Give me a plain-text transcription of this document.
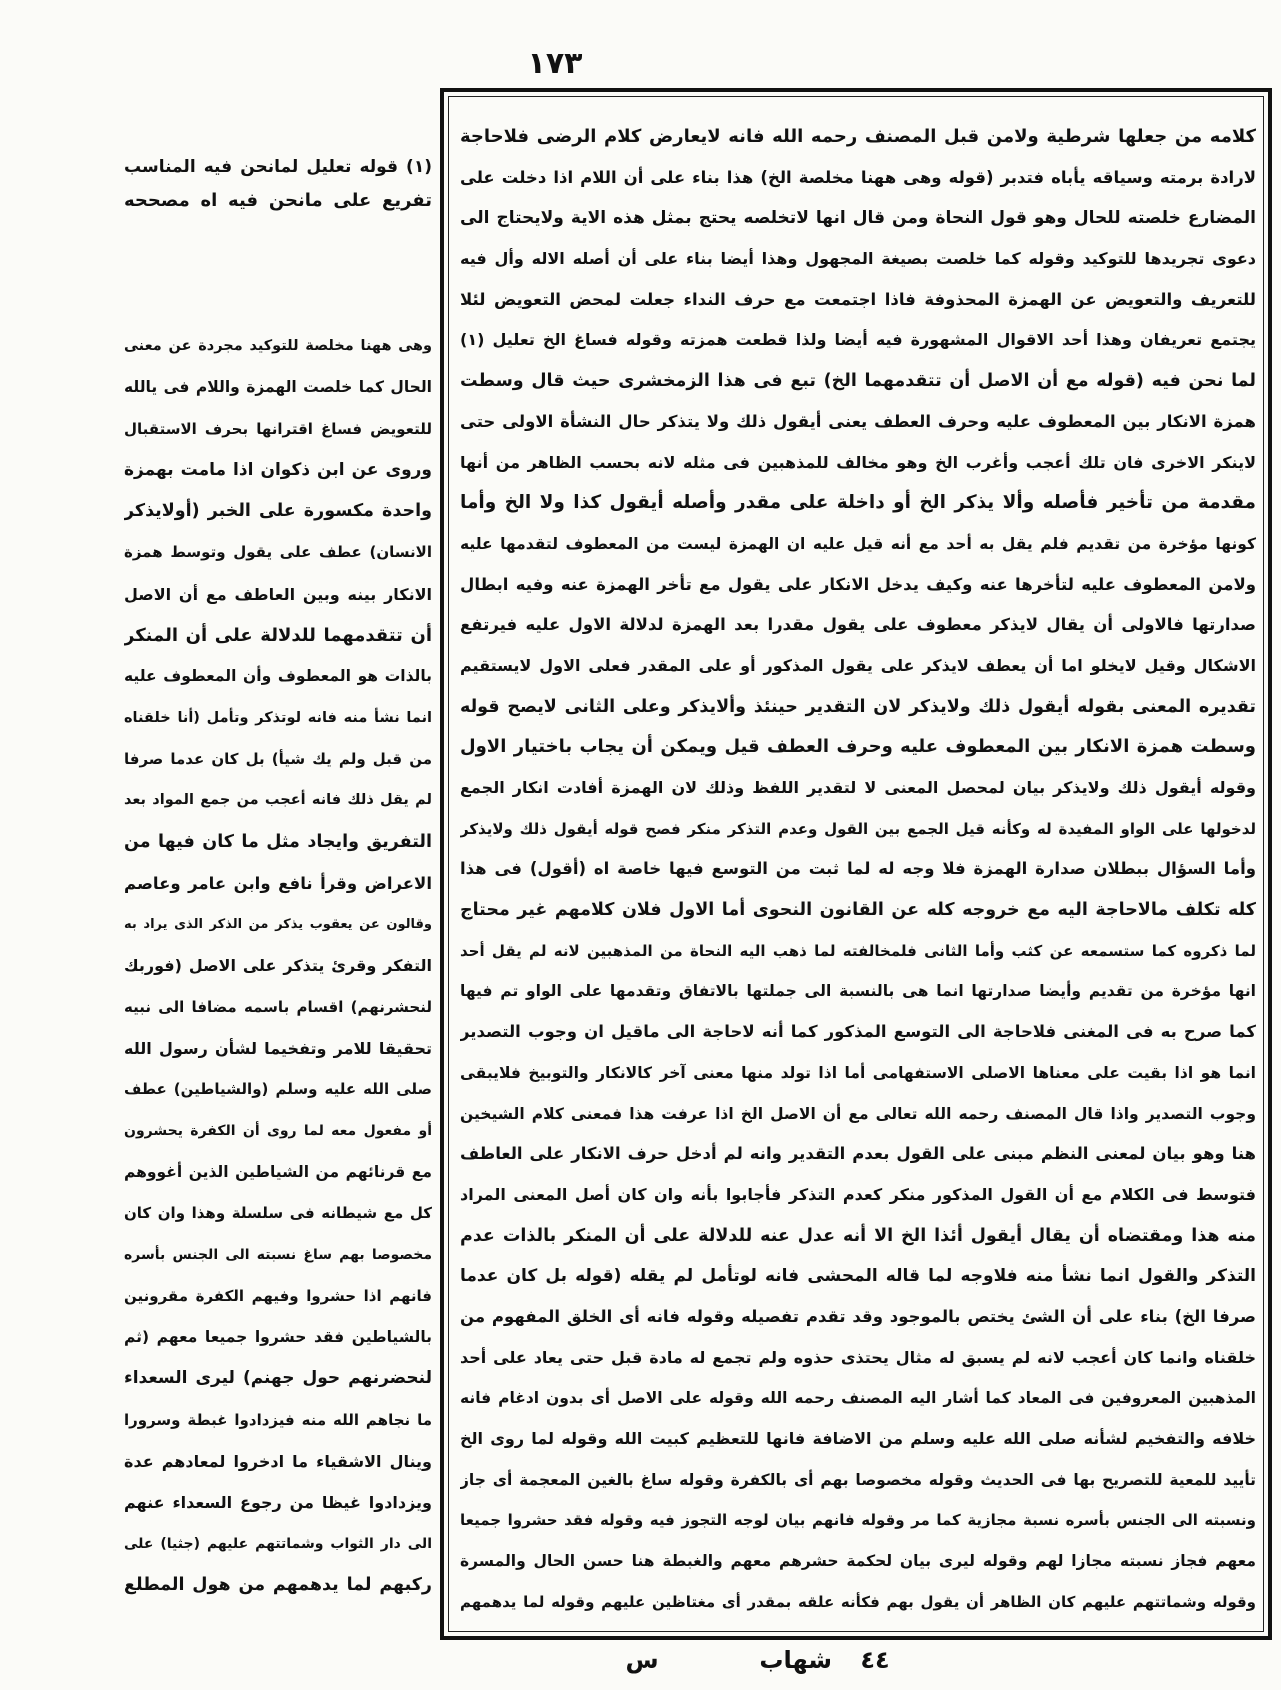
١٧٣
كلامه من جعلها شرطية ولامن قبل المصنف رحمه الله فانه لايعارض كلام الرضى فلاحاجة
لارادة برمته وسياقه يأباه فتدبر (قوله وهى ههنا مخلصة الخ) هذا بناء على أن اللام اذا دخلت على
المضارع خلصته للحال وهو قول النحاة ومن قال انها لاتخلصه يحتج بمثل هذه الاية ولايحتاج الى
دعوى تجريدها للتوكيد وقوله كما خلصت بصيغة المجهول وهذا أيضا بناء على أن أصله الاله وأل فيه
للتعريف والتعويض عن الهمزة المحذوفة فاذا اجتمعت مع حرف النداء جعلت لمحض التعويض لئلا
يجتمع تعريفان وهذا أحد الاقوال المشهورة فيه أيضا ولذا قطعت همزته وقوله فساغ الخ تعليل (١)
لما نحن فيه (قوله مع أن الاصل أن تتقدمهما الخ) تبع فى هذا الزمخشرى حيث قال وسطت
همزة الانكار بين المعطوف عليه وحرف العطف يعنى أيقول ذلك ولا يتذكر حال النشأة الاولى حتى
لاينكر الاخرى فان تلك أعجب وأغرب الخ وهو مخالف للمذهبين فى مثله لانه بحسب الظاهر من أنها
مقدمة من تأخير فأصله وألا يذكر الخ أو داخلة على مقدر وأصله أيقول كذا ولا الخ وأما
كونها مؤخرة من تقديم فلم يقل به أحد مع أنه قيل عليه ان الهمزة ليست من المعطوف لتقدمها عليه
ولامن المعطوف عليه لتأخرها عنه وكيف يدخل الانكار على يقول مع تأخر الهمزة عنه وفيه ابطال
صدارتها فالاولى أن يقال لايذكر معطوف على يقول مقدرا بعد الهمزة لدلالة الاول عليه فيرتفع
الاشكال وقيل لايخلو اما أن يعطف لايذكر على يقول المذكور أو على المقدر فعلى الاول لايستقيم
تقديره المعنى بقوله أيقول ذلك ولايذكر لان التقدير حينئذ وألايذكر وعلى الثانى لايصح قوله
وسطت همزة الانكار بين المعطوف عليه وحرف العطف قيل ويمكن أن يجاب باختيار الاول
وقوله أيقول ذلك ولايذكر بيان لمحصل المعنى لا لتقدير اللفظ وذلك لان الهمزة أفادت انكار الجمع
لدخولها على الواو المفيدة له وكأنه قيل الجمع بين القول وعدم التذكر منكر فصح قوله أيقول ذلك ولايذكر
وأما السؤال ببطلان صدارة الهمزة فلا وجه له لما ثبت من التوسع فيها خاصة اه (أقول) فى هذا
كله تكلف مالاحاجة اليه مع خروجه كله عن القانون النحوى أما الاول فلان كلامهم غير محتاج
لما ذكروه كما ستسمعه عن كثب وأما الثانى فلمخالفته لما ذهب اليه النحاة من المذهبين لانه لم يقل أحد
انها مؤخرة من تقديم وأيضا صدارتها انما هى بالنسبة الى جملتها بالاتفاق وتقدمها على الواو تم فيها
كما صرح به فى المغنى فلاحاجة الى التوسع المذكور كما أنه لاحاجة الى ماقيل ان وجوب التصدير
انما هو اذا بقيت على معناها الاصلى الاستفهامى أما اذا تولد منها معنى آخر كالانكار والتوبيخ فلايبقى
وجوب التصدير واذا قال المصنف رحمه الله تعالى مع أن الاصل الخ اذا عرفت هذا فمعنى كلام الشيخين
هنا وهو بيان لمعنى النظم مبنى على القول بعدم التقدير وانه لم أدخل حرف الانكار على العاطف
فتوسط فى الكلام مع أن القول المذكور منكر كعدم التذكر فأجابوا بأنه وان كان أصل المعنى المراد
منه هذا ومقتضاه أن يقال أيقول أئذا الخ الا أنه عدل عنه للدلالة على أن المنكر بالذات عدم
التذكر والقول انما نشأ منه فلاوجه لما قاله المحشى فانه لوتأمل لم يقله (قوله بل كان عدما
صرفا الخ) بناء على أن الشئ يختص بالموجود وقد تقدم تفصيله وقوله فانه أى الخلق المفهوم من
خلقناه وانما كان أعجب لانه لم يسبق له مثال يحتذى حذوه ولم تجمع له مادة قبل حتى يعاد على أحد
المذهبين المعروفين فى المعاد كما أشار اليه المصنف رحمه الله وقوله على الاصل أى بدون ادغام فانه
خلافه والتفخيم لشأنه صلى الله عليه وسلم من الاضافة فانها للتعظيم كبيت الله وقوله لما روى الخ
تأييد للمعية للتصريح بها فى الحديث وقوله مخصوصا بهم أى بالكفرة وقوله ساغ بالغين المعجمة أى جاز
ونسبته الى الجنس بأسره نسبة مجازية كما مر وقوله فانهم بيان لوجه التجوز فيه وقوله فقد حشروا جميعا
معهم فجاز نسبته مجازا لهم وقوله ليرى بيان لحكمة حشرهم معهم والغبطة هنا حسن الحال والمسرة
وقوله وشماتتهم عليهم كان الظاهر أن يقول بهم فكأنه علقه بمقدر أى مغتاظين عليهم وقوله لما يدهمهم
(١) قوله تعليل لمانحن فيه المناسب
تفريع على مانحن فيه اه مصححه
وهى ههنا مخلصة للتوكيد مجردة عن معنى
الحال كما خلصت الهمزة واللام فى يالله
للتعويض فساغ اقترانها بحرف الاستقبال
وروى عن ابن ذكوان اذا مامت بهمزة
واحدة مكسورة على الخبر (أولايذكر
الانسان) عطف على يقول وتوسط همزة
الانكار بينه وبين العاطف مع أن الاصل
أن تتقدمهما للدلالة على أن المنكر
بالذات هو المعطوف وأن المعطوف عليه
انما نشأ منه فانه لوتذكر وتأمل (أنا خلقناه
من قبل ولم يك شيأ) بل كان عدما صرفا
لم يقل ذلك فانه أعجب من جمع المواد بعد
التفريق وايجاد مثل ما كان فيها من
الاعراض وقرأ نافع وابن عامر وعاصم
وقالون عن يعقوب يذكر من الذكر الذى يراد به
التفكر وقرئ يتذكر على الاصل (فوربك
لنحشرنهم) اقسام باسمه مضافا الى نبيه
تحقيقا للامر وتفخيما لشأن رسول الله
صلى الله عليه وسلم (والشياطين) عطف
أو مفعول معه لما روى أن الكفرة يحشرون
مع قرنائهم من الشياطين الذين أغووهم
كل مع شيطانه فى سلسلة وهذا وان كان
مخصوصا بهم ساغ نسبته الى الجنس بأسره
فانهم اذا حشروا وفيهم الكفرة مقرونين
بالشياطين فقد حشروا جميعا معهم (ثم
لنحضرنهم حول جهنم) ليرى السعداء
ما نجاهم الله منه فيزدادوا غبطة وسرورا
وينال الاشقياء ما ادخروا لمعادهم عدة
ويزدادوا غيظا من رجوع السعداء عنهم
الى دار الثواب وشماتتهم عليهم (جثيا) على
ركبهم لما يدهمهم من هول المطلع
٤٤
شهاب
س
